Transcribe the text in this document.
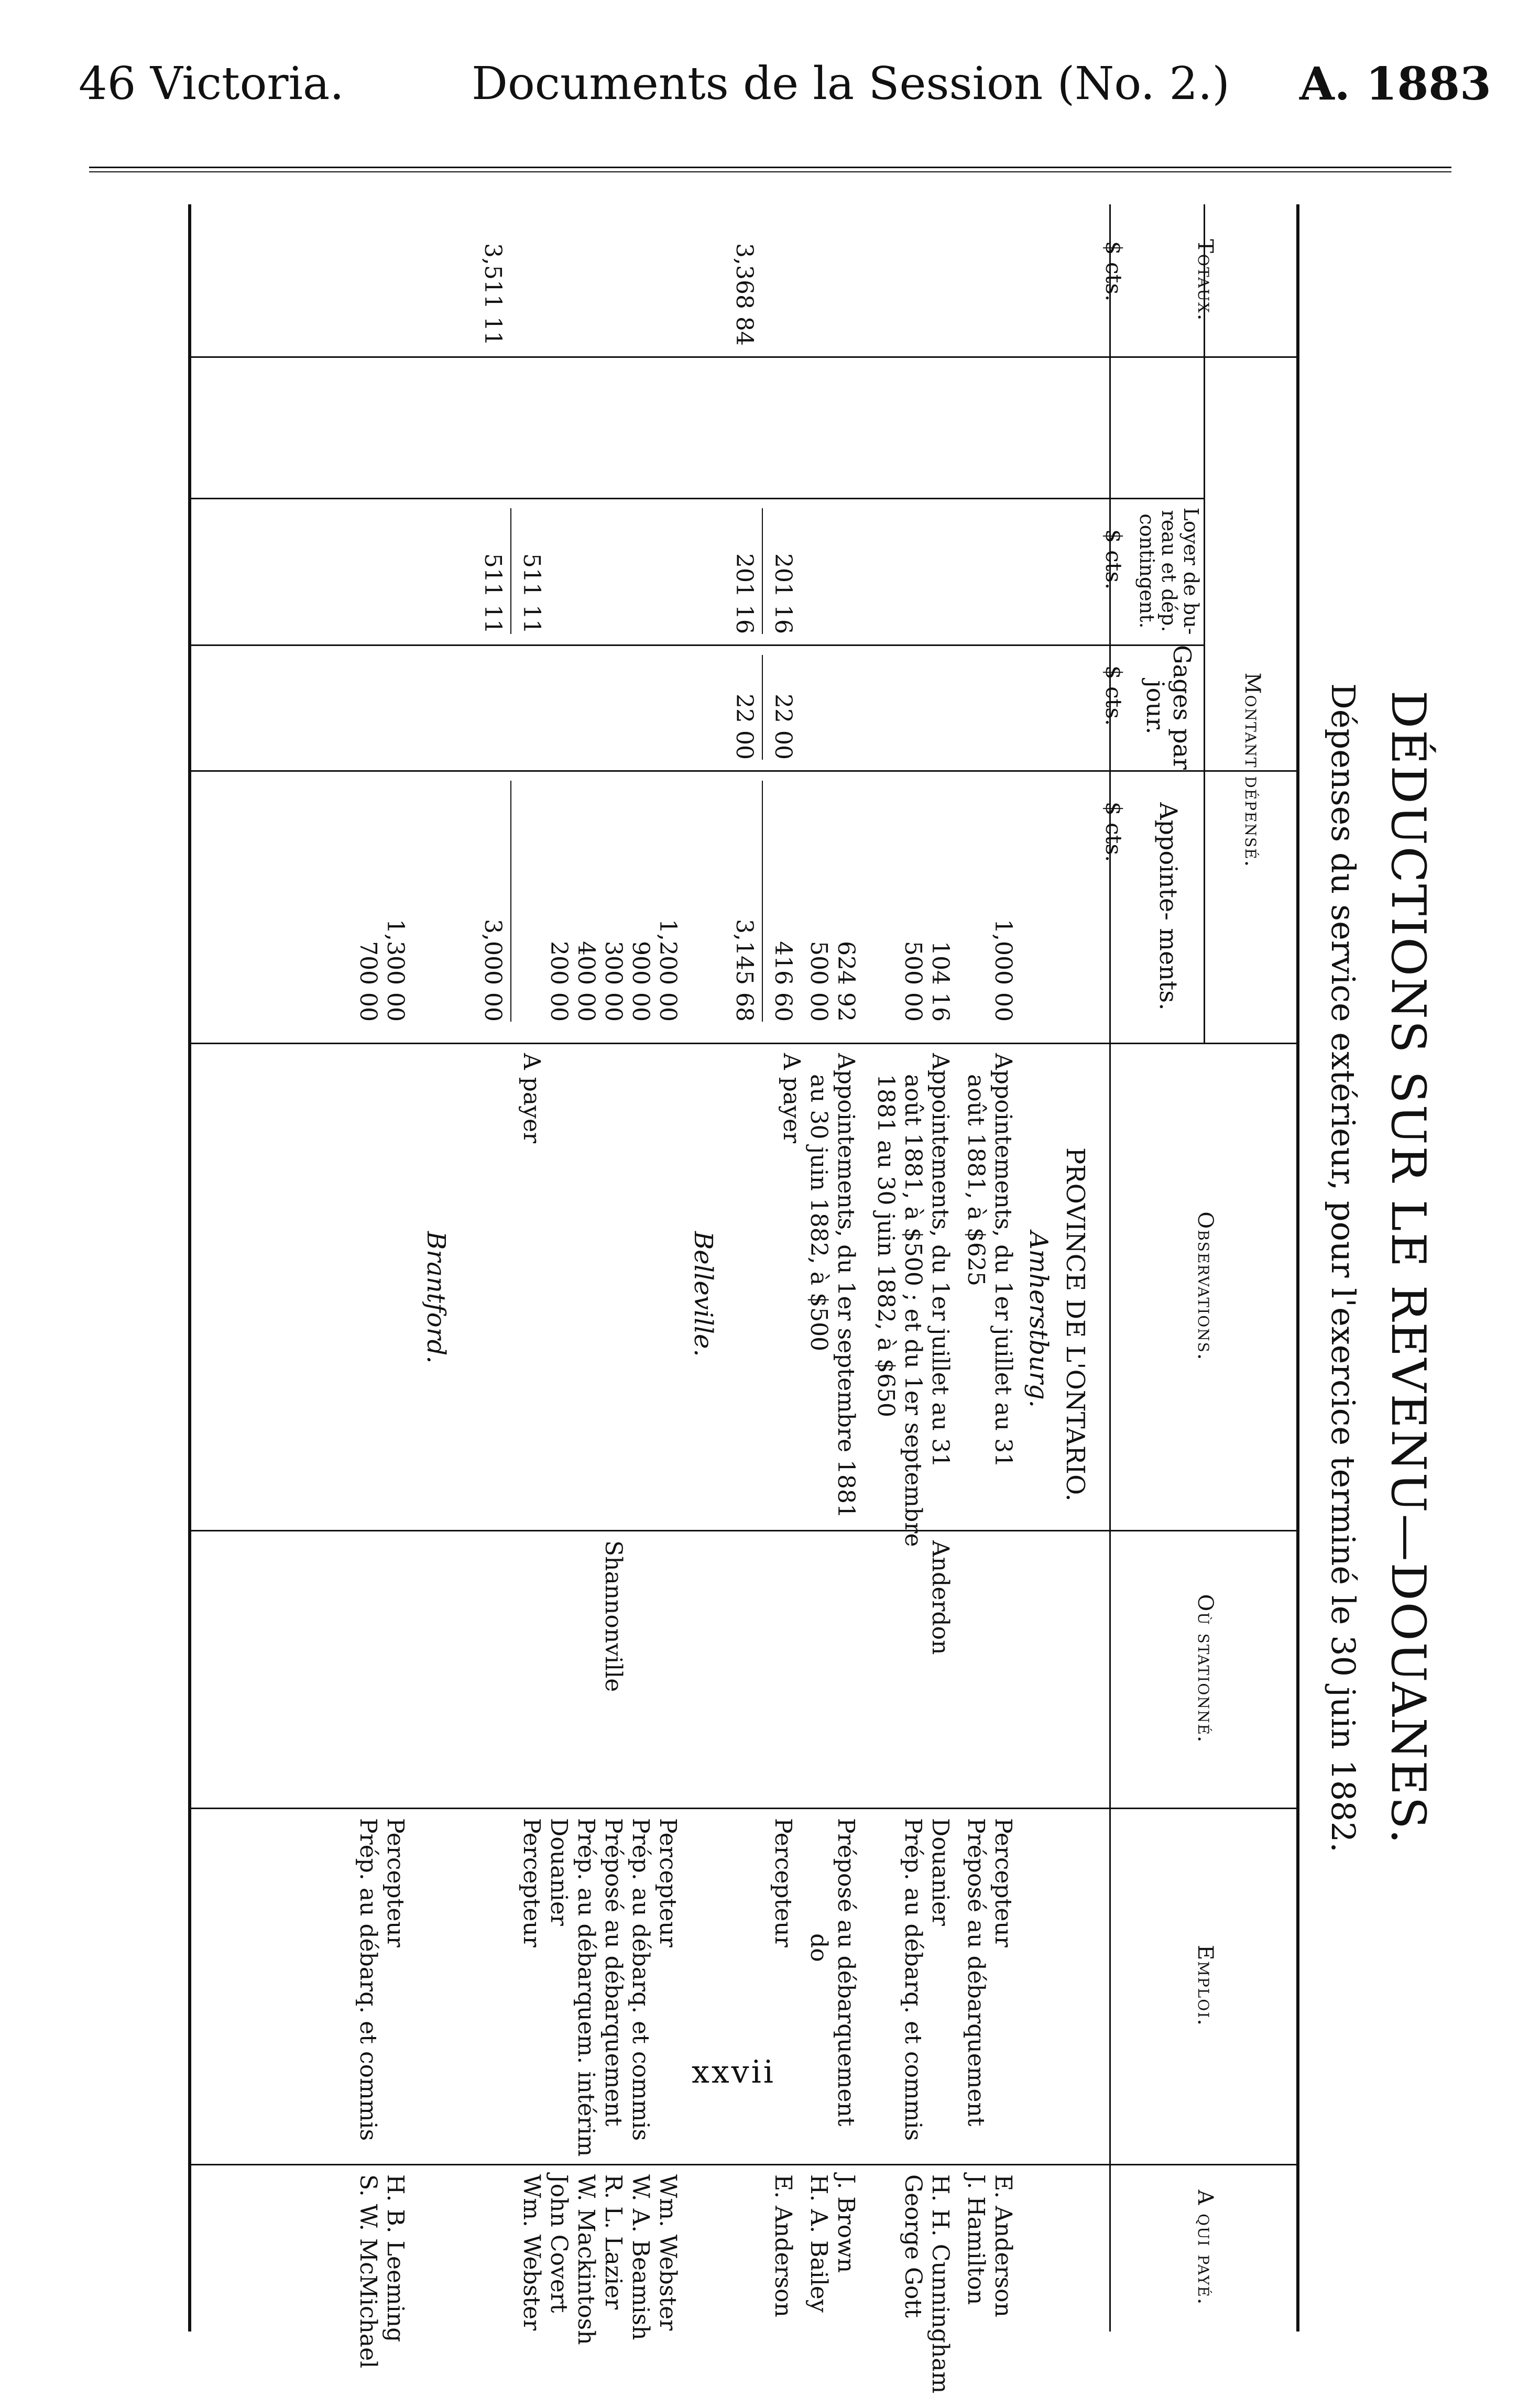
46 Victoria.	Documents de la Session (No. 2.) A. 1883
xxvii
DÉDUCTIONS SUR LE REVENU—DOUANES.
Dépenses du service extérieur, pour l'exercice terminé le 30 juin 1882.
A qui payé.
Emploi.
Où stationné.
Observations.
Montant dépensé.
Totaux.
Appointe- ments.
Gages par jour.
Loyer de bu- reau et dép. contingent.
$ cts.
$ cts.
$ cts.
$ cts.
PROVINCE DE L'ONTARIO.
Amherstburg.
E. Anderson
Percepteur
Appointements, du 1er juillet au 31
1,000 00
J. Hamilton
Préposé au débarquement
août 1881, à $625
H. H. Cunningham
Douanier
Anderdon
Appointements, du 1er juillet au 31
104 16
George Gott
Prép. au débarq. et commis
août 1881, à $500 ; et du 1er septembre
500 00
1881 au 30 juin 1882, à $650
J. Brown
Préposé au débarquement
Appointements, du 1er septembre 1881
624 92
H. A. Bailey
do
au 30 juin 1882, à $500
500 00
E. Anderson
Percepteur
A payer
416 60
22 00
201 16
3,145 68
22 00
201 16
3,368 84
Belleville.
Wm. Webster
Percepteur
1,200 00
W. A. Beamish
Prép. au débarq. et commis
900 00
R. L. Lazier
Préposé au débarquement
Shannonville
300 00
W. Mackintosh
Prép. au débarquem. intérim
400 00
John Covert
Douanier
200 00
Wm. Webster
Percepteur
A payer
511 11
3,000 00
511 11
3,511 11
Brantford.
H. B. Leeming
Percepteur
1,300 00
S. W. McMichael
Prép. au débarq. et commis
700 00
